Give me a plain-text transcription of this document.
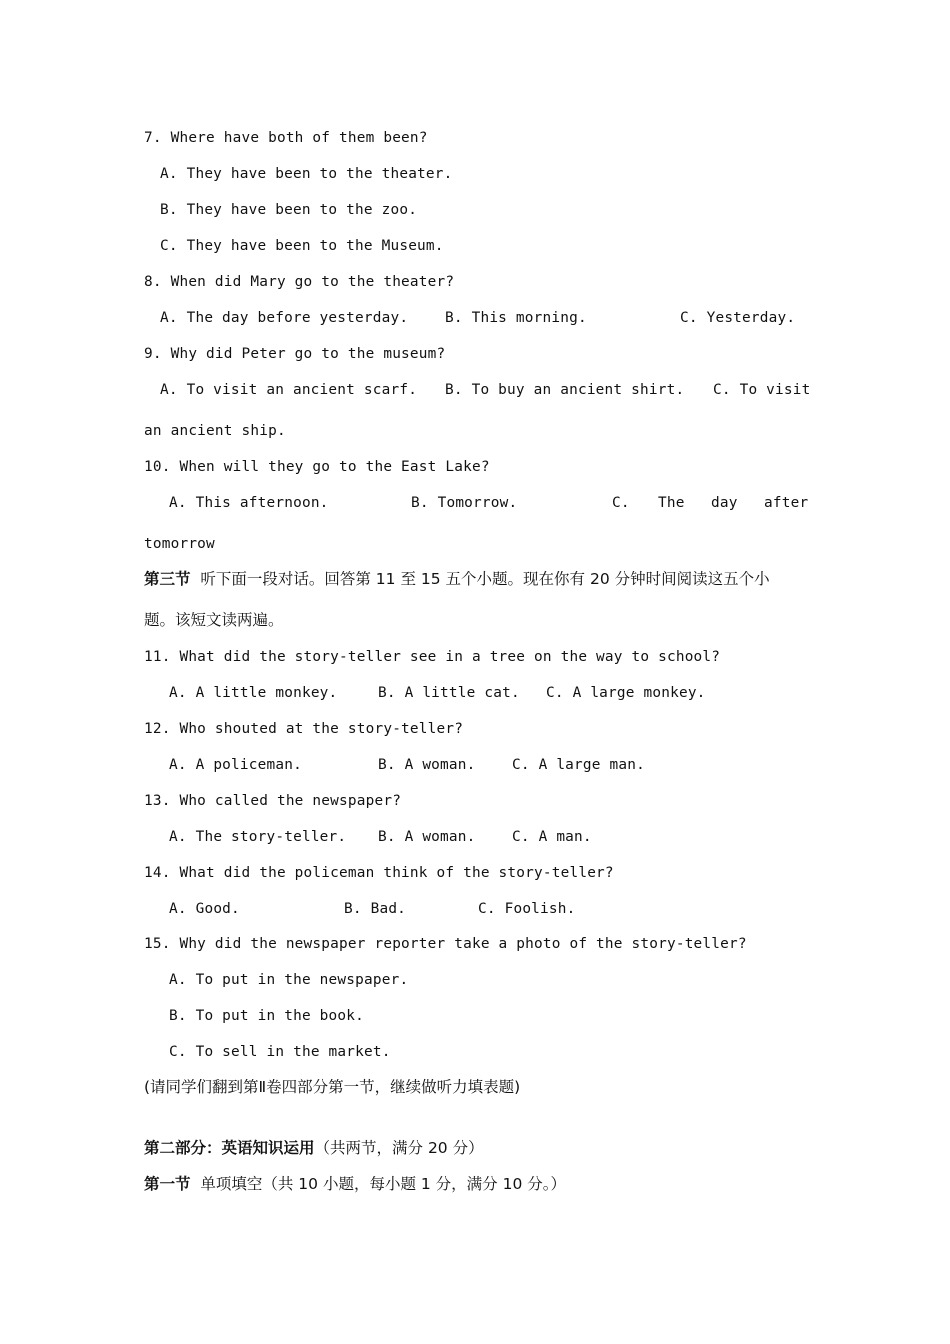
7. Where have both of them been?
A. They have been to the theater.
B. They have been to the zoo.
C. They have been to the Museum.
8. When did Mary go to the theater?
A. The day before yesterday.	B. This morning.	C. Yesterday.
9. Why did Peter go to the museum?
A. To visit an ancient scarf. B. To buy an ancient shirt. C. To visit
an ancient ship.
10. When will they go to the East Lake?
A. This afternoon.	B. Tomorrow.	C. The day after
tomorrow
第三节 听下面一段对话。回答第 11 至 15 五个小题。现在你有 20 分钟时间阅读这五个小
题。该短文读两遍。
11. What did the story-teller see in a tree on the way to school?
A. A little monkey.	B. A little cat. C. A large monkey.
12. Who shouted at the story-teller?
A. A policeman.	B. A woman.	C. A large man.
13. Who called the newspaper?
A. The story-teller. B. A woman.	C. A man.
14. What did the policeman think of the story-teller?
A. Good.	B. Bad.	C. Foolish.
15. Why did the newspaper reporter take a photo of the story-teller?
A. To put in the newspaper.
B. To put in the book.
C. To sell in the market.
(请同学们翻到第Ⅱ卷四部分第一节，继续做听力填表题)
第二部分：英语知识运用（共两节，满分 20 分）
第一节 单项填空（共 10 小题，每小题 1 分，满分 10 分。）
